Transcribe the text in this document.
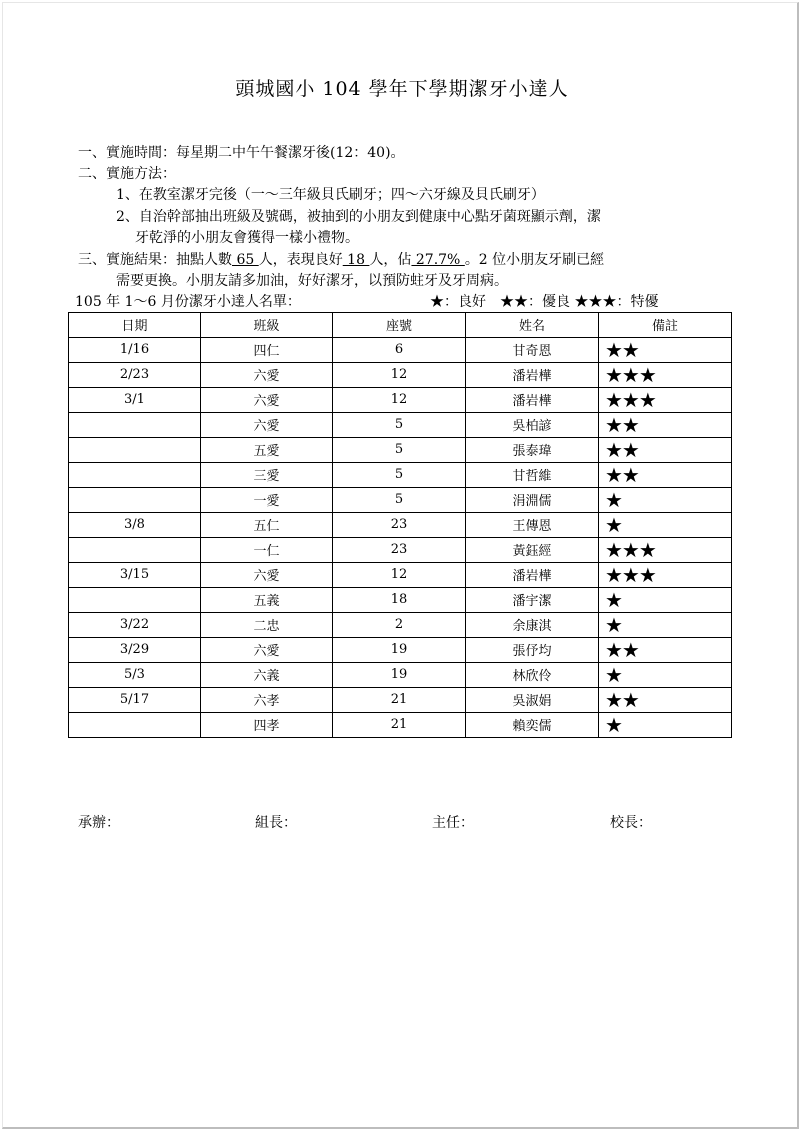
頭城國小 104 學年下學期潔牙小達人
一、實施時間：每星期二中午午餐潔牙後(12：40)。
二、實施方法：
1、在教室潔牙完後（一～三年級貝氏刷牙；四～六牙線及貝氏刷牙）
2、自治幹部抽出班級及號碼，被抽到的小朋友到健康中心點牙菌斑顯示劑，潔
牙乾淨的小朋友會獲得一樣小禮物。
三、實施結果：抽點人數 65 人，表現良好 18 人，佔 27.7% 。2 位小朋友牙刷已經
需要更換。小朋友請多加油，好好潔牙，以預防蛀牙及牙周病。
105 年 1～6 月份潔牙小達人名單：	★：良好　★★：優良 ★★★：特優
日期	班級	座號	姓名	備註
1/16	四仁	6	甘奇恩	★★
2/23	六愛	12	潘岩樺	★★★
3/1	六愛	12	潘岩樺	★★★
	六愛	5	吳柏諺	★★
	五愛	5	張泰瑋	★★
	三愛	5	甘哲維	★★
	一愛	5	涓淵儒	★
3/8	五仁	23	王傳恩	★
	一仁	23	黃鈺經	★★★
3/15	六愛	12	潘岩樺	★★★
	五義	18	潘宇潔	★
3/22	二忠	2	余康淇	★
3/29	六愛	19	張伃均	★★
5/3	六義	19	林欣伶	★
5/17	六孝	21	吳淑娟	★★
	四孝	21	賴奕儒	★
承辦：	組長：	主任：	校長：
